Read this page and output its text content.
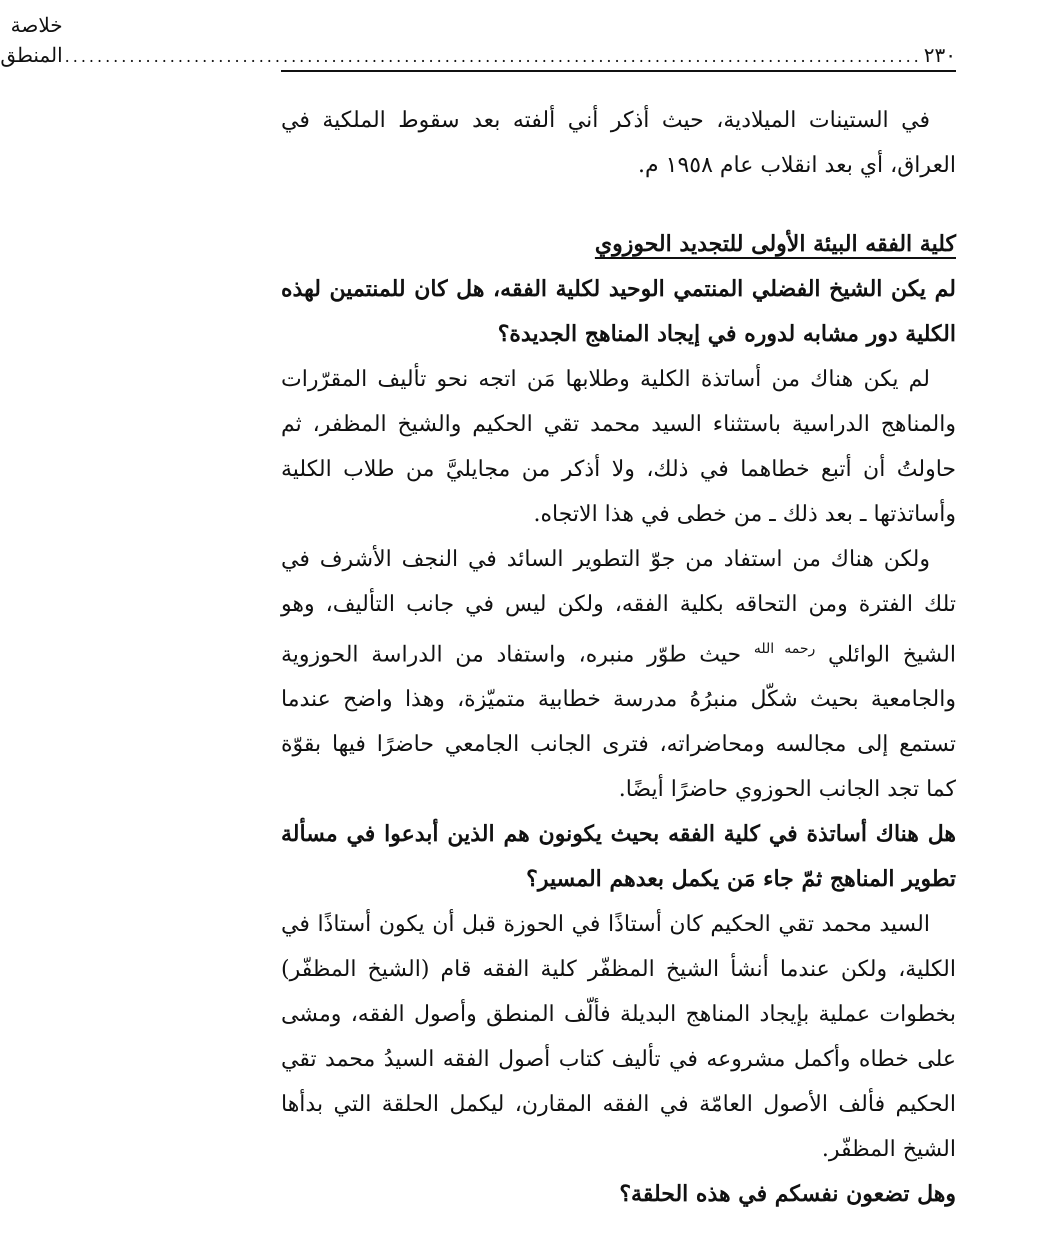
٢٣٠
..........................................................................................................
خلاصة المنطق

في الستينات الميلادية، حيث أذكر أني ألفته بعد سقوط الملكية في العراق، أي بعد انقلاب عام ١٩٥٨ م.

كلية الفقه البيئة الأولى للتجديد الحوزوي

لم يكن الشيخ الفضلي المنتمي الوحيد لكلية الفقه، هل كان للمنتمين لهذه الكلية دور مشابه لدوره في إيجاد المناهج الجديدة؟

لم يكن هناك من أساتذة الكلية وطلابها مَن اتجه نحو تأليف المقرّرات والمناهج الدراسية باستثناء السيد محمد تقي الحكيم والشيخ المظفر، ثم حاولتُ أن أتبع خطاهما في ذلك، ولا أذكر من مجايليَّ من طلاب الكلية وأساتذتها ـ بعد ذلك ـ من خطى في هذا الاتجاه.

ولكن هناك من استفاد من جوّ التطوير السائد في النجف الأشرف في تلك الفترة ومن التحاقه بكلية الفقه، ولكن ليس في جانب التأليف، وهو الشيخ الوائلي $^{رحمه الله}$ حيث طوّر منبره، واستفاد من الدراسة الحوزوية والجامعية بحيث شكّل منبرُهُ مدرسة خطابية متميّزة، وهذا واضح عندما تستمع إلى مجالسه ومحاضراته، فترى الجانب الجامعي حاضرًا فيها بقوّة كما تجد الجانب الحوزوي حاضرًا أيضًا.

هل هناك أساتذة في كلية الفقه بحيث يكونون هم الذين أبدعوا في مسألة تطوير المناهج ثمّ جاء مَن يكمل بعدهم المسير؟

السيد محمد تقي الحكيم كان أستاذًا في الحوزة قبل أن يكون أستاذًا في الكلية، ولكن عندما أنشأ الشيخ المظفّر كلية الفقه قام (الشيخ المظفّر) بخطوات عملية بإيجاد المناهج البديلة فألّف المنطق وأصول الفقه، ومشى على خطاه وأكمل مشروعه في تأليف كتاب أصول الفقه السيدُ محمد تقي الحكيم فألف الأصول العامّة في الفقه المقارن، ليكمل الحلقة التي بدأها الشيخ المظفّر.

وهل تضعون نفسكم في هذه الحلقة؟
